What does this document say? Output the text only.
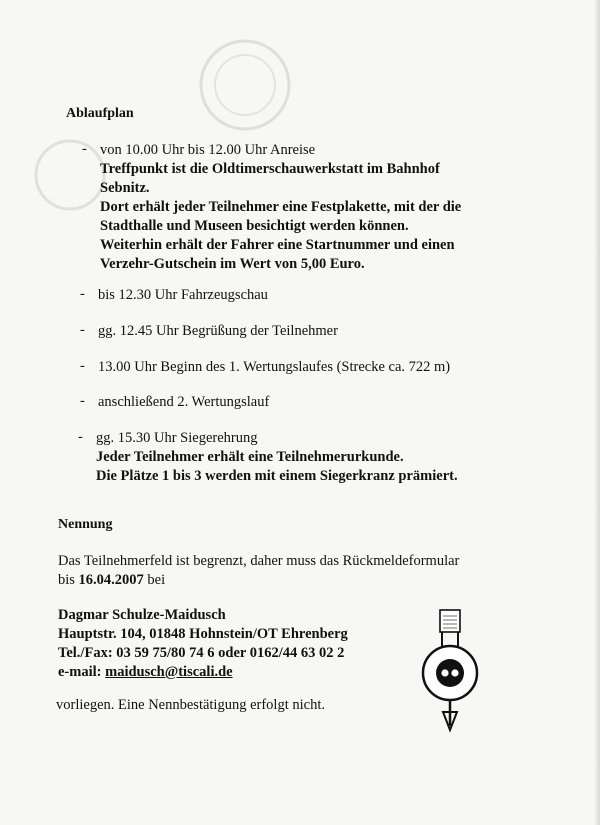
Ablaufplan
- von 10.00 Uhr bis 12.00 Uhr Anreise
Treffpunkt ist die Oldtimerschauwerkstatt im Bahnhof
Sebnitz.
Dort erhält jeder Teilnehmer eine Festplakette, mit der die
Stadthalle und Museen besichtigt werden können.
Weiterhin erhält der Fahrer eine Startnummer und einen
Verzehr-Gutschein im Wert von 5,00 Euro.
- bis 12.30 Uhr Fahrzeugschau
- gg. 12.45 Uhr Begrüßung der Teilnehmer
- 13.00 Uhr Beginn des 1. Wertungslaufes (Strecke ca. 722 m)
- anschließend 2. Wertungslauf
- gg. 15.30 Uhr Siegerehrung
Jeder Teilnehmer erhält eine Teilnehmerurkunde.
Die Plätze 1 bis 3 werden mit einem Siegerkranz prämiert.
Nennung
Das Teilnehmerfeld ist begrenzt, daher muss das Rückmeldeformular
bis 16.04.2007 bei
Dagmar Schulze-Maidusch
Hauptstr. 104, 01848 Hohnstein/OT Ehrenberg
Tel./Fax: 03 59 75/80 74 6 oder 0162/44 63 02 2
e-mail: maidusch@tiscali.de
vorliegen. Eine Nennbestätigung erfolgt nicht.
